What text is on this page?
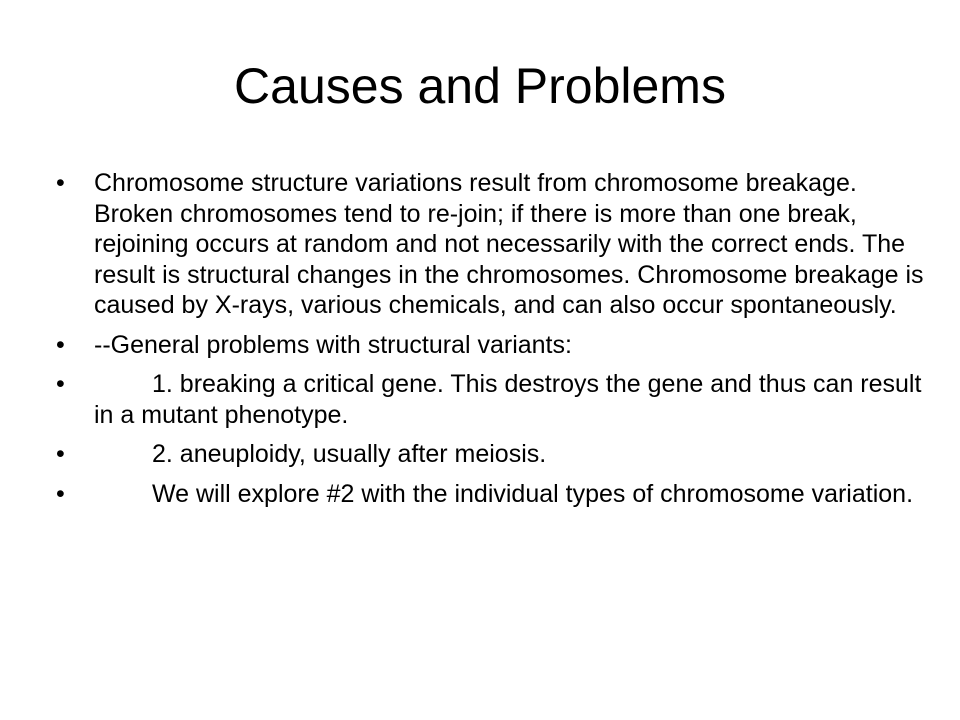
Causes and Problems
• Chromosome structure variations result from chromosome breakage. Broken chromosomes tend to re-join; if there is more than one break, rejoining occurs at random and not necessarily with the correct ends. The result is structural changes in the chromosomes. Chromosome breakage is caused by X-rays, various chemicals, and can also occur spontaneously.
• --General problems with structural variants:
•	1. breaking a critical gene. This destroys the gene and thus can result in a mutant phenotype.
•	2. aneuploidy, usually after meiosis.
•	We will explore #2 with the individual types of chromosome variation.
